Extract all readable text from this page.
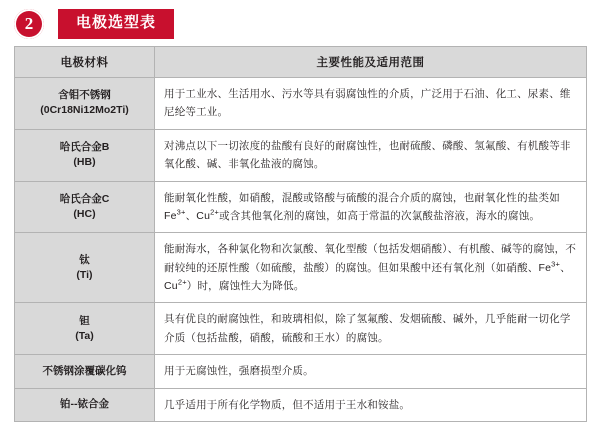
2	电极选型表
电极材料	主要性能及适用范围

含钼不锈钢
(0Cr18Ni12Mo2Ti)	用于工业水、生活用水、污水等具有弱腐蚀性的介质，广泛用于石油、化工、尿素、维尼纶等工业。

哈氏合金B
(HB)	对沸点以下一切浓度的盐酸有良好的耐腐蚀性，也耐硫酸、磷酸、氢氟酸、有机酸等非氧化酸、碱、非氧化盐液的腐蚀。

哈氏合金C
(HC)	能耐氧化性酸，如硝酸，混酸或铬酸与硫酸的混合介质的腐蚀，也耐氧化性的盐类如$Fe^{3+}$、$Cu^{2+}$或含其他氧化剂的腐蚀，如高于常温的次氯酸盐溶液，海水的腐蚀。

钛
(Ti)	能耐海水，各种氯化物和次氯酸、氧化型酸（包括发烟硝酸）、有机酸、碱等的腐蚀，不耐较纯的还原性酸（如硫酸，盐酸）的腐蚀。但如果酸中还有氧化剂（如硝酸、$Fe^{3+}$、$Cu^{2+}$）时，腐蚀性大为降低。

钽
(Ta)	具有优良的耐腐蚀性，和玻璃相似，除了氢氟酸、发烟硫酸、碱外，几乎能耐一切化学介质（包括盐酸，硝酸，硫酸和王水）的腐蚀。

不锈钢涂覆碳化钨	用于无腐蚀性，强磨损型介质。

铂--铱合金	几乎适用于所有化学物质，但不适用于王水和铵盐。
